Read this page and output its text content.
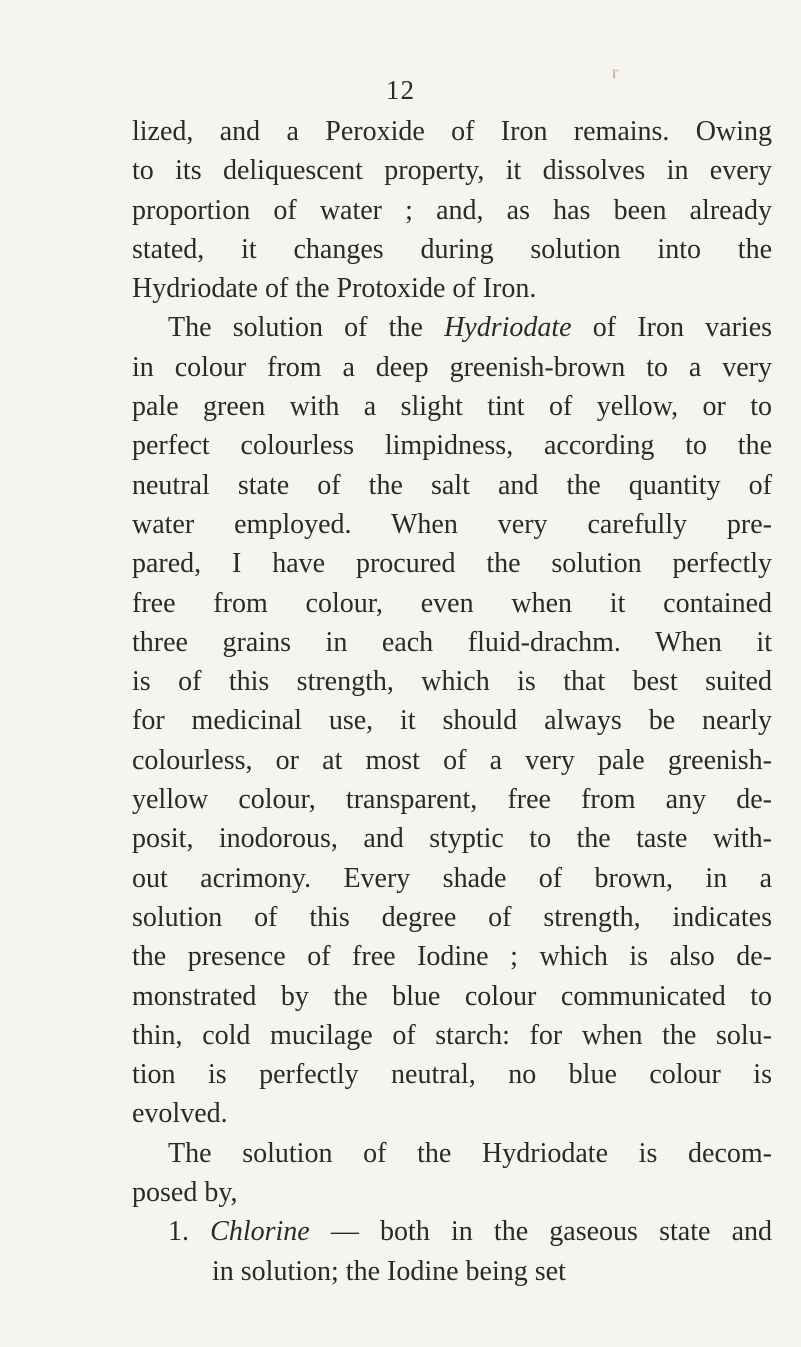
r
12
lized, and a Peroxide of Iron remains. Owing
to its deliquescent property, it dissolves in every
proportion of water ; and, as has been already
stated, it changes during solution into the
Hydriodate of the Protoxide of Iron.
The solution of the Hydriodate of Iron varies
in colour from a deep greenish-brown to a very
pale green with a slight tint of yellow, or to
perfect colourless limpidness, according to the
neutral state of the salt and the quantity of
water employed. When very carefully pre-
pared, I have procured the solution perfectly
free from colour, even when it contained
three grains in each fluid-drachm. When it
is of this strength, which is that best suited
for medicinal use, it should always be nearly
colourless, or at most of a very pale greenish-
yellow colour, transparent, free from any de-
posit, inodorous, and styptic to the taste with-
out acrimony. Every shade of brown, in a
solution of this degree of strength, indicates
the presence of free Iodine ; which is also de-
monstrated by the blue colour communicated to
thin, cold mucilage of starch: for when the solu-
tion is perfectly neutral, no blue colour is
evolved.
The solution of the Hydriodate is decom-
posed by,
1. Chlorine — both in the gaseous state and
in solution; the Iodine being set
